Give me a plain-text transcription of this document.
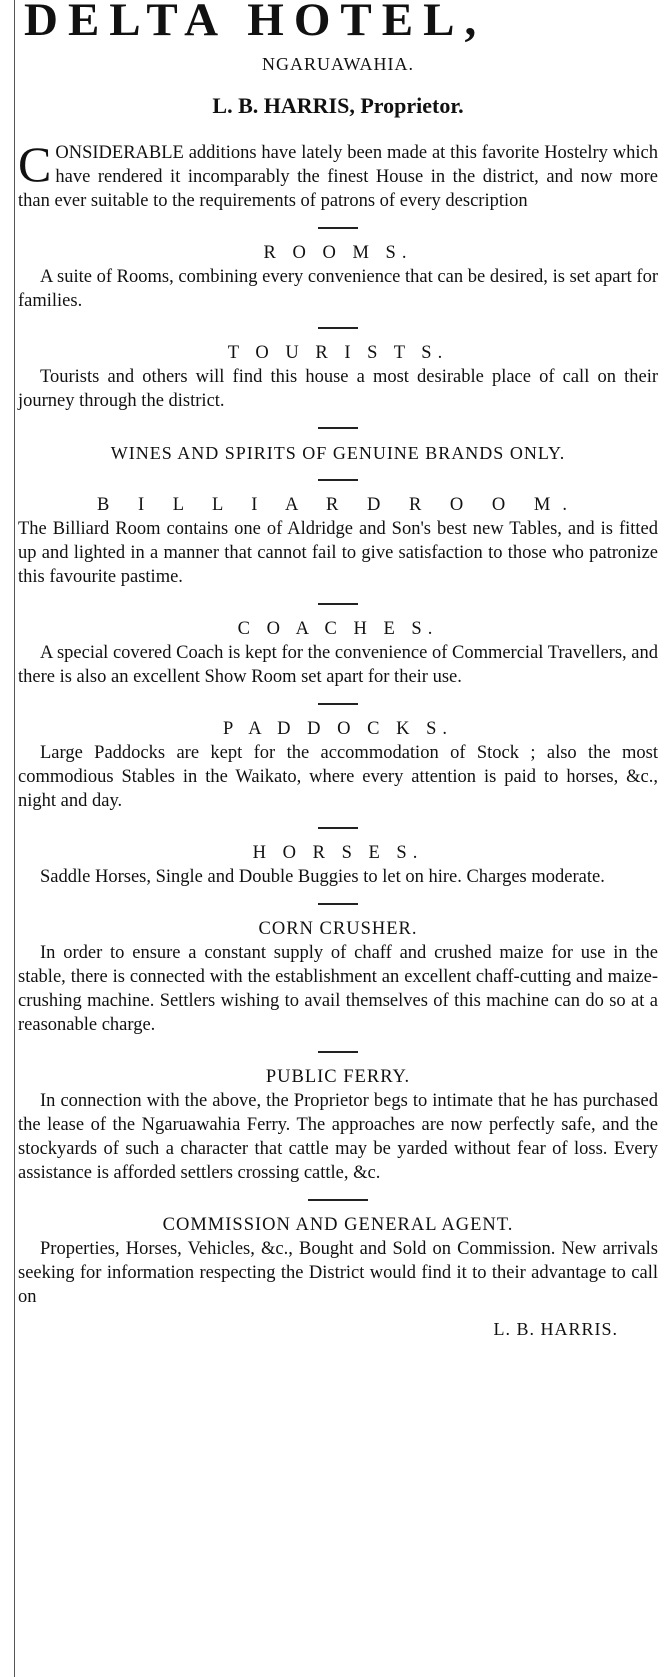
DELTA HOTEL,
NGARUAWAHIA.
L. B. HARRIS, Proprietor.
CONSIDERABLE additions have lately been made at this favorite Hostelry which have rendered it incomparably the finest House in the district, and now more than ever suitable to the requirements of patrons of every description
R O O M S.
A suite of Rooms, combining every convenience that can be desired, is set apart for families.
T O U R I S T S.
Tourists and others will find this house a most desirable place of call on their journey through the district.
WINES AND SPIRITS OF GENUINE BRANDS ONLY.
B I L L I A R D R O O M.
The Billiard Room contains one of Aldridge and Son's best new Tables, and is fitted up and lighted in a manner that cannot fail to give satisfaction to those who patronize this favourite pastime.
C O A C H E S.
A special covered Coach is kept for the convenience of Commercial Travellers, and there is also an excellent Show Room set apart for their use.
P A D D O C K S.
Large Paddocks are kept for the accommodation of Stock ; also the most commodious Stables in the Waikato, where every attention is paid to horses, &c., night and day.
H O R S E S.
Saddle Horses, Single and Double Buggies to let on hire. Charges moderate.
CORN CRUSHER.
In order to ensure a constant supply of chaff and crushed maize for use in the stable, there is connected with the establishment an excellent chaff-cutting and maize-crushing machine. Settlers wishing to avail themselves of this machine can do so at a reasonable charge.
PUBLIC FERRY.
In connection with the above, the Proprietor begs to intimate that he has purchased the lease of the Ngaruawahia Ferry. The approaches are now perfectly safe, and the stockyards of such a character that cattle may be yarded without fear of loss. Every assistance is afforded settlers crossing cattle, &c.
COMMISSION AND GENERAL AGENT.
Properties, Horses, Vehicles, &c., Bought and Sold on Commission. New arrivals seeking for information respecting the District would find it to their advantage to call on
L. B. HARRIS.
